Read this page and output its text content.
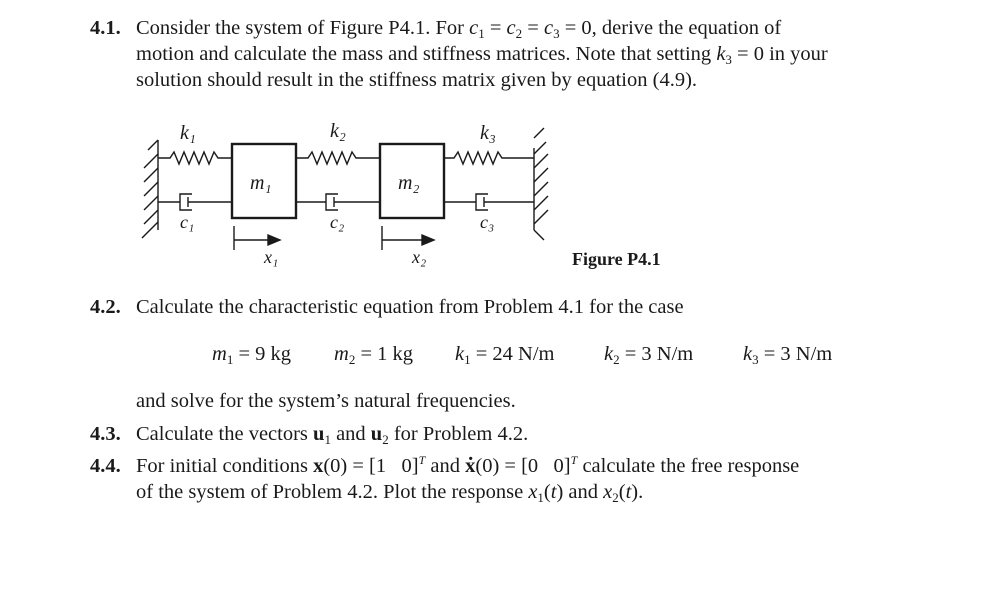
4.1. Consider the system of Figure P4.1. For $c_1 = c_2 = c_3 = 0$, derive the equation of
motion and calculate the mass and stiffness matrices. Note that setting $k_3 = 0$ in your
solution should result in the stiffness matrix given by equation (4.9).
k₁	k₂	k₃
m₁	m₂
c₁	c₂	c₃
x₁	x₂	Figure P4.1
4.2. Calculate the characteristic equation from Problem 4.1 for the case
$m_1 = 9$ kg $m_2 = 1$ kg $k_1 = 24$ N/m $k_2 = 3$ N/m $k_3 = 3$ N/m
and solve for the system’s natural frequencies.
4.3. Calculate the vectors $u_1$ and $u_2$ for Problem 4.2.
4.4. For initial conditions x(0) = [1   0]$^T$ and x .(0) = [0   0]$^T$ calculate the free response
of the system of Problem 4.2. Plot the response $x_1(t)$ and $x_2(t)$.
